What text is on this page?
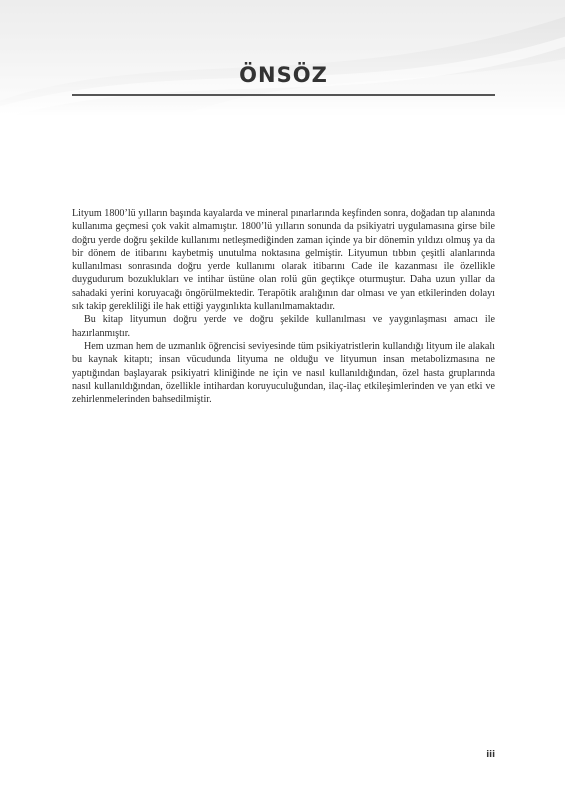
ÖNSÖZ

Lityum 1800’lü yılların başında kayalarda ve mineral pınarlarında keşfinden sonra, doğadan tıp alanında kullanıma geçmesi çok vakit almamıştır. 1800’lü yılların sonunda da psikiyatri uygulamasına girse bile doğru yerde doğru şekilde kullanımı netleşmediğinden zaman içinde ya bir dönemin yıldızı olmuş ya da bir dönem de itibarını kaybetmiş unutulma noktasına gelmiştir. Lityumun tıbbın çeşitli alanlarında kullanılması sonrasında doğru yerde kullanımı olarak itibarını Cade ile kazanması ile özellikle duygudurum bozuklukları ve intihar üstüne olan rolü gün geçtikçe oturmuştur. Daha uzun yıllar da sahadaki yerini koruyacağı öngörülmektedir. Terapötik aralığının dar olması ve yan etkilerinden dolayı sık takip gerekliliği ile hak ettiği yaygınlıkta kullanılmamaktadır.

Bu kitap lityumun doğru yerde ve doğru şekilde kullanılması ve yaygınlaşması amacı ile hazırlanmıştır.

Hem uzman hem de uzmanlık öğrencisi seviyesinde tüm psikiyatristlerin kullandığı lityum ile alakalı bu kaynak kitaptı; insan vücudunda lityuma ne olduğu ve lityumun insan metabolizmasına ne yaptığından başlayarak psikiyatri kliniğinde ne için ve nasıl kullanıldığından, özel hasta gruplarında nasıl kullanıldığından, özellikle intihardan koruyuculuğundan, ilaç-ilaç etkileşimlerinden ve yan etki ve zehirlenmelerinden bahsedilmiştir.

iii
